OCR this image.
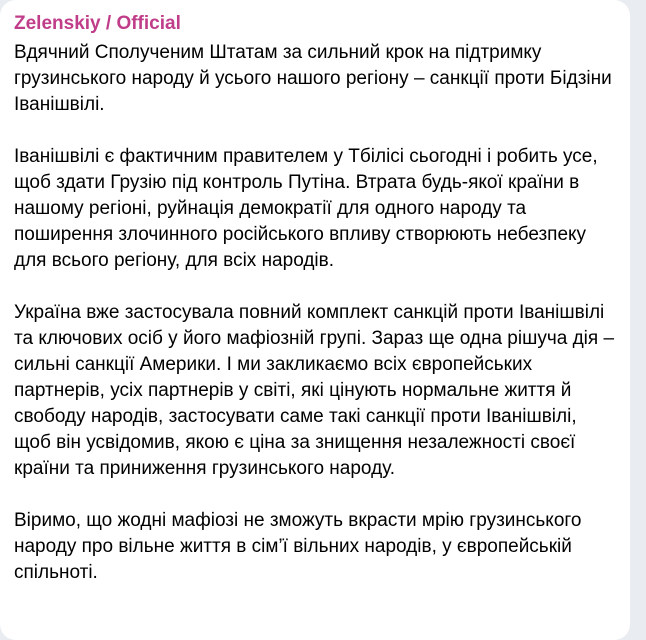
Zelenskiy / Official
Вдячний Сполученим Штатам за сильний крок на підтримку грузинського народу й усього нашого регіону – санкції проти Бідзіни Іванішвілі.
Іванішвілі є фактичним правителем у Тбілісі сьогодні і робить усе, щоб здати Грузію під контроль Путіна. Втрата будь-якої країни в нашому регіоні, руйнація демократії для одного народу та поширення злочинного російського впливу створюють небезпеку для всього регіону, для всіх народів.
Україна вже застосувала повний комплект санкцій проти Іванішвілі та ключових осіб у його мафіозній групі. Зараз ще одна рішуча дія – сильні санкції Америки. І ми закликаємо всіх європейських партнерів, усіх партнерів у світі, які цінують нормальне життя й свободу народів, застосувати саме такі санкції проти Іванішвілі, щоб він усвідомив, якою є ціна за знищення незалежності своєї країни та приниження грузинського народу.
Віримо, що жодні мафіозі не зможуть вкрасти мрію грузинського народу про вільне життя в сім’ї вільних народів, у європейській спільноті.
